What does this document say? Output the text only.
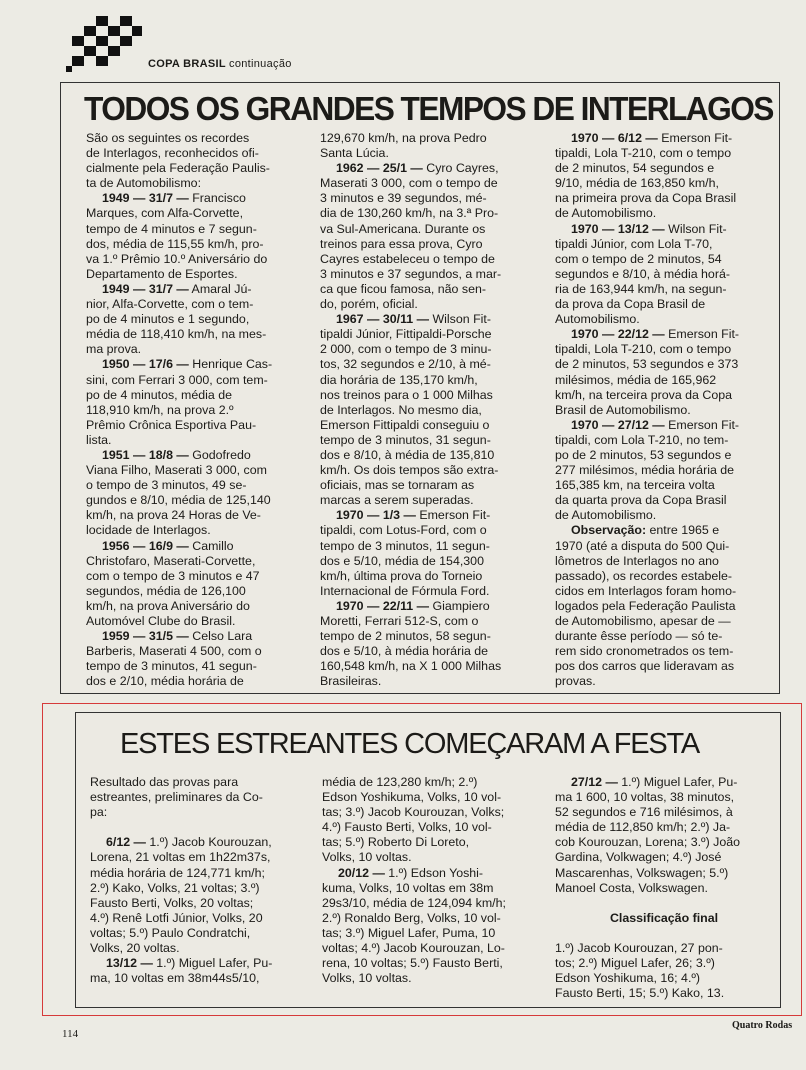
COPA BRASIL continuação
TODOS OS GRANDES TEMPOS DE INTERLAGOS

São os seguintes os recordes

de Interlagos, reconhecidos ofi-

cialmente pela Federação Paulis-

ta de Automobilismo:

1949 — 31/7 — Francisco

Marques, com Alfa-Corvette,

tempo de 4 minutos e 7 segun-

dos, média de 115,55 km/h, pro-

va 1.º Prêmio 10.º Aniversário do

Departamento de Esportes.

1949 — 31/7 — Amaral Jú-

nior, Alfa-Corvette, com o tem-

po de 4 minutos e 1 segundo,

média de 118,410 km/h, na mes-

ma prova.

1950 — 17/6 — Henrique Cas-

sini, com Ferrari 3 000, com tem-

po de 4 minutos, média de

118,910 km/h, na prova 2.º

Prêmio Crônica Esportiva Pau-

lista.

1951 — 18/8 — Godofredo

Viana Filho, Maserati 3 000, com

o tempo de 3 minutos, 49 se-

gundos e 8/10, média de 125,140

km/h, na prova 24 Horas de Ve-

locidade de Interlagos.

1956 — 16/9 — Camillo

Christofaro, Maserati-Corvette,

com o tempo de 3 minutos e 47

segundos, média de 126,100

km/h, na prova Aniversário do

Automóvel Clube do Brasil.

1959 — 31/5 — Celso Lara

Barberis, Maserati 4 500, com o

tempo de 3 minutos, 41 segun-

dos e 2/10, média horária de

129,670 km/h, na prova Pedro

Santa Lúcia.

1962 — 25/1 — Cyro Cayres,

Maserati 3 000, com o tempo de

3 minutos e 39 segundos, mé-

dia de 130,260 km/h, na 3.ª Pro-

va Sul-Americana. Durante os

treinos para essa prova, Cyro

Cayres estabeleceu o tempo de

3 minutos e 37 segundos, a mar-

ca que ficou famosa, não sen-

do, porém, oficial.

1967 — 30/11 — Wilson Fit-

tipaldi Júnior, Fittipaldi-Porsche

2 000, com o tempo de 3 minu-

tos, 32 segundos e 2/10, à mé-

dia horária de 135,170 km/h,

nos treinos para o 1 000 Milhas

de Interlagos. No mesmo dia,

Emerson Fittipaldi conseguiu o

tempo de 3 minutos, 31 segun-

dos e 8/10, à média de 135,810

km/h. Os dois tempos são extra-

oficiais, mas se tornaram as

marcas a serem superadas.

1970 — 1/3 — Emerson Fit-

tipaldi, com Lotus-Ford, com o

tempo de 3 minutos, 11 segun-

dos e 5/10, média de 154,300

km/h, última prova do Torneio

Internacional de Fórmula Ford.

1970 — 22/11 — Giampiero

Moretti, Ferrari 512-S, com o

tempo de 2 minutos, 58 segun-

dos e 5/10, à média horária de

160,548 km/h, na X 1 000 Milhas

Brasileiras.

1970 — 6/12 — Emerson Fit-

tipaldi, Lola T-210, com o tempo

de 2 minutos, 54 segundos e

9/10, média de 163,850 km/h,

na primeira prova da Copa Brasil

de Automobilismo.

1970 — 13/12 — Wilson Fit-

tipaldi Júnior, com Lola T-70,

com o tempo de 2 minutos, 54

segundos e 8/10, à média horá-

ria de 163,944 km/h, na segun-

da prova da Copa Brasil de

Automobilismo.

1970 — 22/12 — Emerson Fit-

tipaldi, Lola T-210, com o tempo

de 2 minutos, 53 segundos e 373

milésimos, média de 165,962

km/h, na terceira prova da Copa

Brasil de Automobilismo.

1970 — 27/12 — Emerson Fit-

tipaldi, com Lola T-210, no tem-

po de 2 minutos, 53 segundos e

277 milésimos, média horária de

165,385 km, na terceira volta

da quarta prova da Copa Brasil

de Automobilismo.

Observação: entre 1965 e

1970 (até a disputa do 500 Qui-

lômetros de Interlagos no ano

passado), os recordes estabele-

cidos em Interlagos foram homo-

logados pela Federação Paulista

de Automobilismo, apesar de —

durante êsse período — só te-

rem sido cronometrados os tem-

pos dos carros que lideravam as

provas.

ESTES ESTREANTES COMEÇARAM A FESTA

Resultado das provas para

estreantes, preliminares da Co-

pa:

6/12 — 1.º) Jacob Kourouzan,

Lorena, 21 voltas em 1h22m37s,

média horária de 124,771 km/h;

2.º) Kako, Volks, 21 voltas; 3.º)

Fausto Berti, Volks, 20 voltas;

4.º) Renê Lotfi Júnior, Volks, 20

voltas; 5.º) Paulo Condratchi,

Volks, 20 voltas.

13/12 — 1.º) Miguel Lafer, Pu-

ma, 10 voltas em 38m44s5/10,

média de 123,280 km/h; 2.º)

Edson Yoshikuma, Volks, 10 vol-

tas; 3.º) Jacob Kourouzan, Volks;

4.º) Fausto Berti, Volks, 10 vol-

tas; 5.º) Roberto Di Loreto,

Volks, 10 voltas.

20/12 — 1.º) Edson Yoshi-

kuma, Volks, 10 voltas em 38m

29s3/10, média de 124,094 km/h;

2.º) Ronaldo Berg, Volks, 10 vol-

tas; 3.º) Miguel Lafer, Puma, 10

voltas; 4.º) Jacob Kourouzan, Lo-

rena, 10 voltas; 5.º) Fausto Berti,

Volks, 10 voltas.

27/12 — 1.º) Miguel Lafer, Pu-

ma 1 600, 10 voltas, 38 minutos,

52 segundos e 716 milésimos, à

média de 112,850 km/h; 2.º) Ja-

cob Kourouzan, Lorena; 3.º) João

Gardina, Volkwagen; 4.º) José

Mascarenhas, Volkswagen; 5.º)

Manoel Costa, Volkswagen.

Classificação final

1.º) Jacob Kourouzan, 27 pon-

tos; 2.º) Miguel Lafer, 26; 3.º)

Edson Yoshikuma, 16; 4.º)

Fausto Berti, 15; 5.º) Kako, 13.

114
Quatro Rodas
